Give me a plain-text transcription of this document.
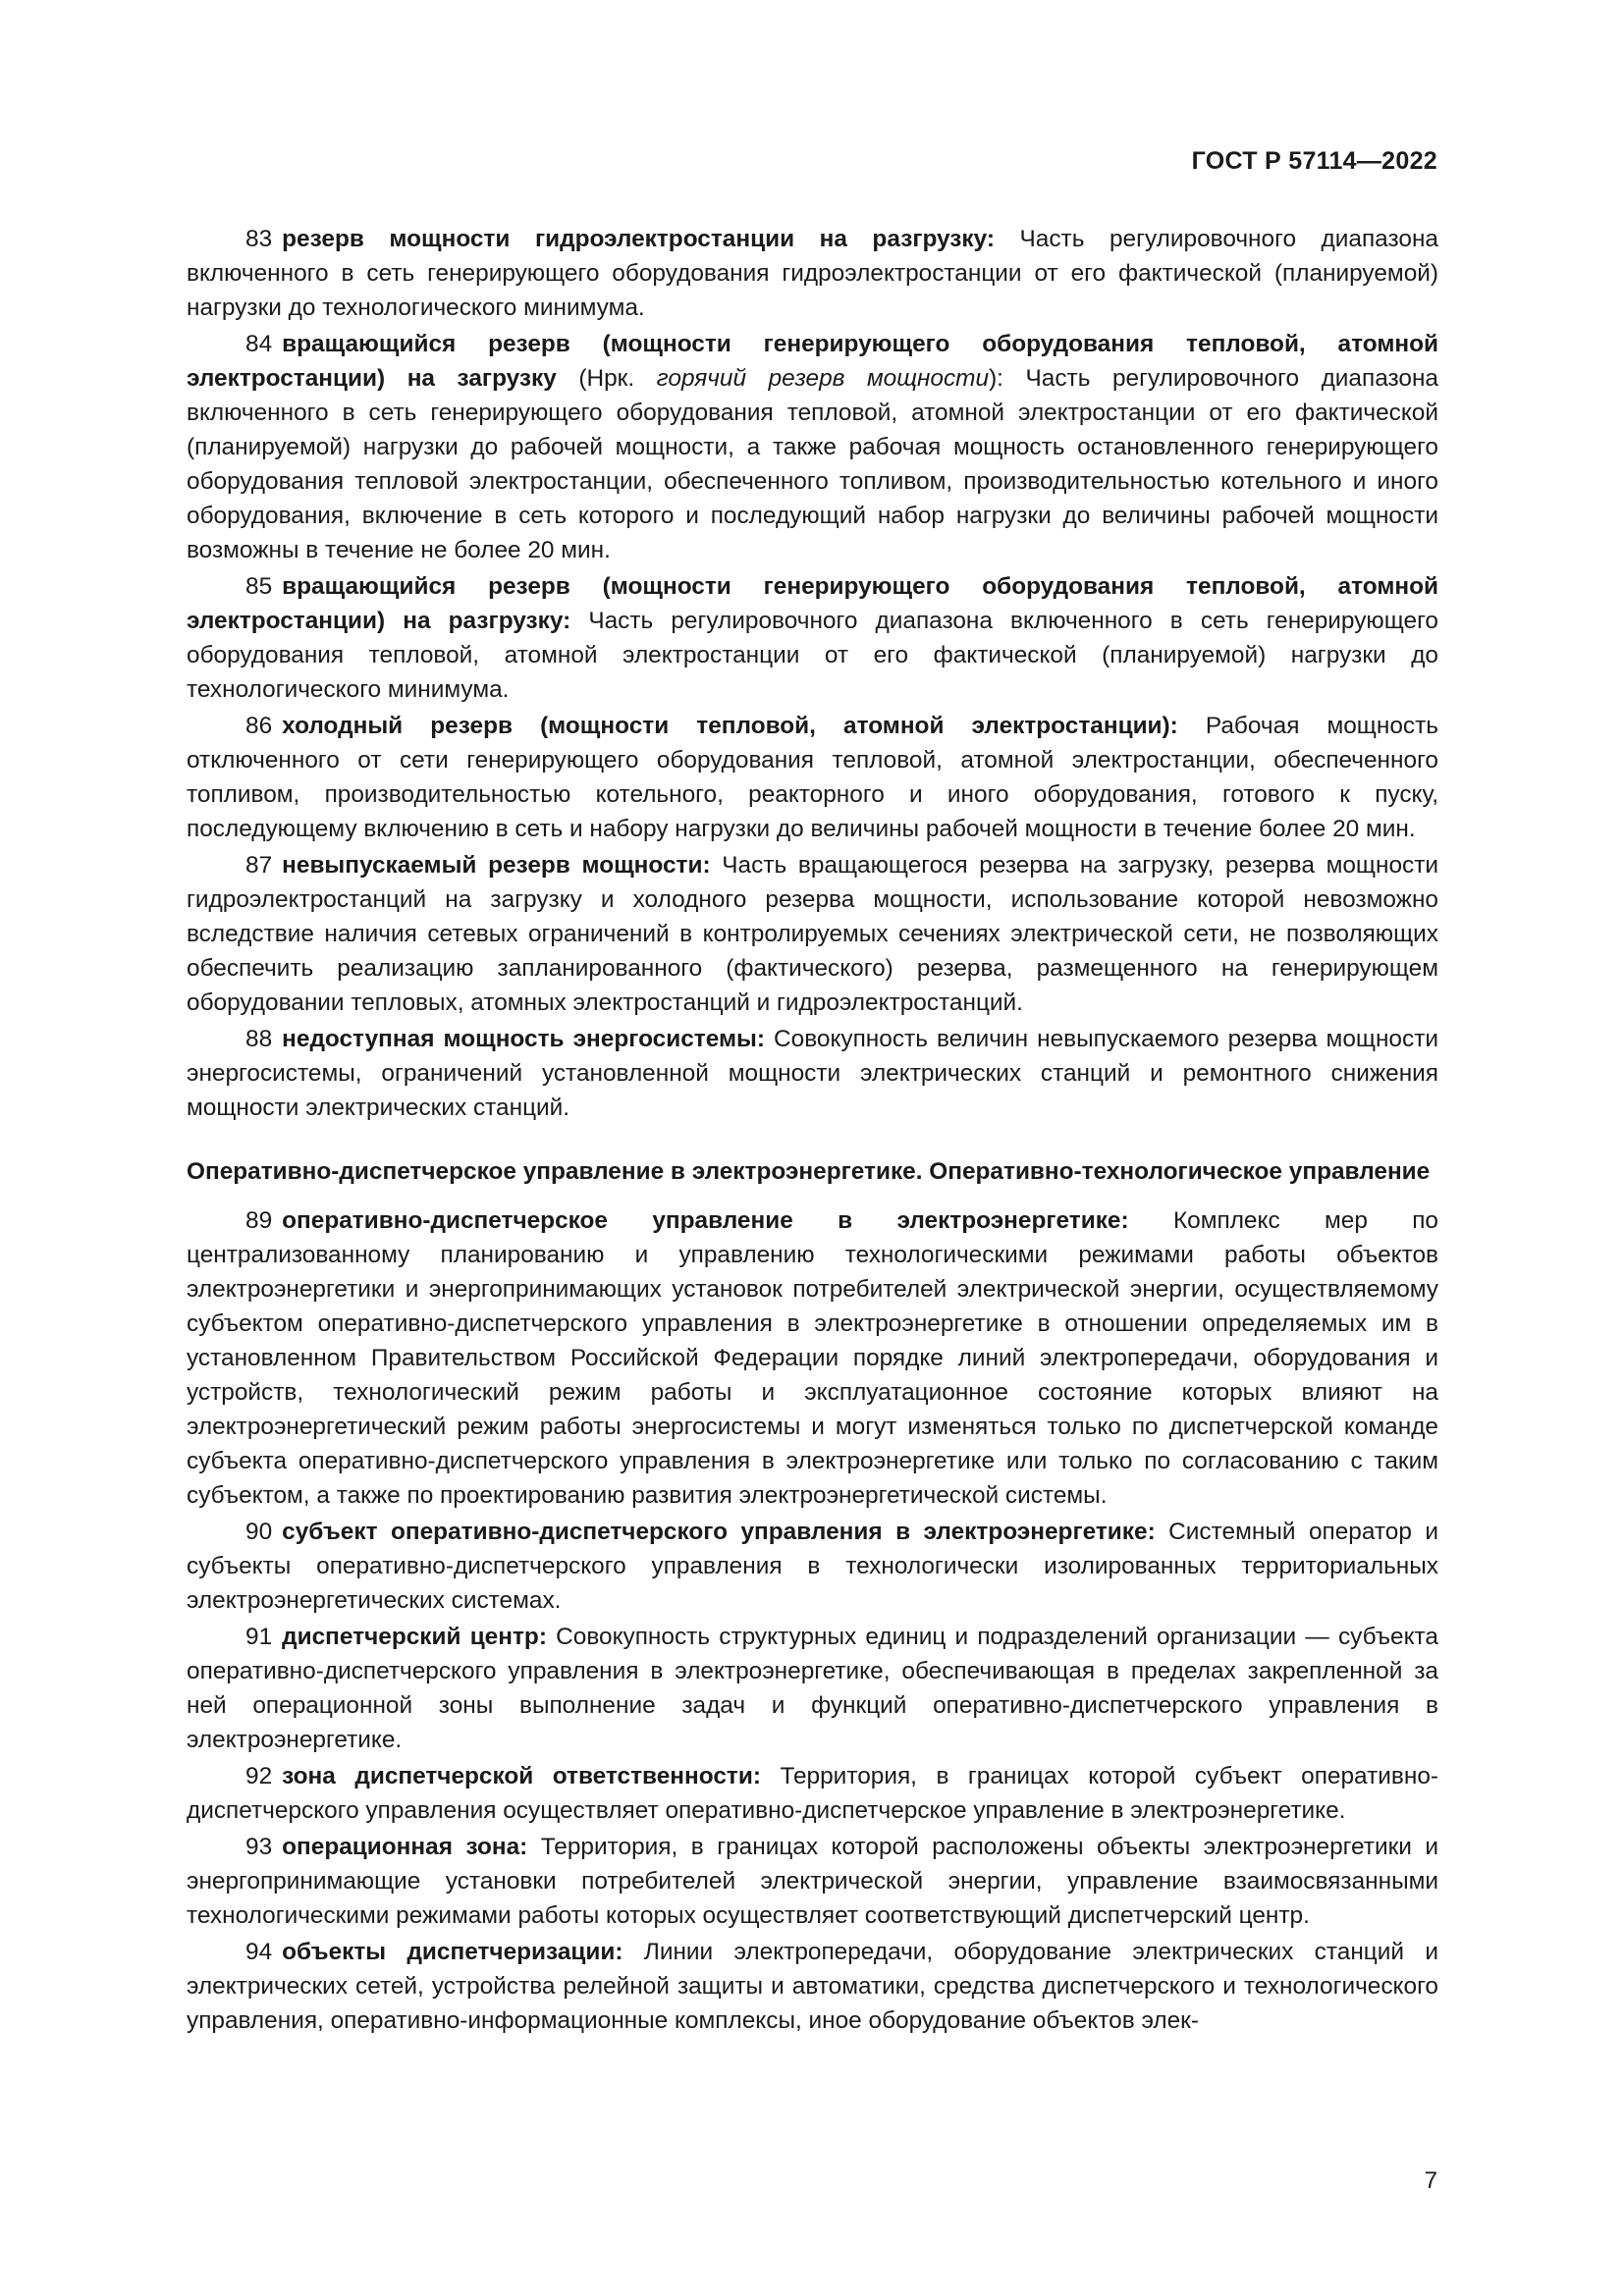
ГОСТ Р 57114—2022

83 резерв мощности гидроэлектростанции на разгрузку: Часть регулировочного диапазона включенного в сеть генерирующего оборудования гидроэлектростанции от его фактической (планируемой) нагрузки до технологического минимума.

84 вращающийся резерв (мощности генерирующего оборудования тепловой, атомной электростанции) на загрузку (Нрк. горячий резерв мощности): Часть регулировочного диапазона включенного в сеть генерирующего оборудования тепловой, атомной электростанции от его фактической (планируемой) нагрузки до рабочей мощности, а также рабочая мощность остановленного генерирующего оборудования тепловой электростанции, обеспеченного топливом, производительностью котельного и иного оборудования, включение в сеть которого и последующий набор нагрузки до величины рабочей мощности возможны в течение не более 20 мин.

85 вращающийся резерв (мощности генерирующего оборудования тепловой, атомной электростанции) на разгрузку: Часть регулировочного диапазона включенного в сеть генерирующего оборудования тепловой, атомной электростанции от его фактической (планируемой) нагрузки до технологического минимума.

86 холодный резерв (мощности тепловой, атомной электростанции): Рабочая мощность отключенного от сети генерирующего оборудования тепловой, атомной электростанции, обеспеченного топливом, производительностью котельного, реакторного и иного оборудования, готового к пуску, последующему включению в сеть и набору нагрузки до величины рабочей мощности в течение более 20 мин.

87 невыпускаемый резерв мощности: Часть вращающегося резерва на загрузку, резерва мощности гидроэлектростанций на загрузку и холодного резерва мощности, использование которой невозможно вследствие наличия сетевых ограничений в контролируемых сечениях электрической сети, не позволяющих обеспечить реализацию запланированного (фактического) резерва, размещенного на генерирующем оборудовании тепловых, атомных электростанций и гидроэлектростанций.

88 недоступная мощность энергосистемы: Совокупность величин невыпускаемого резерва мощности энергосистемы, ограничений установленной мощности электрических станций и ремонтного снижения мощности электрических станций.

Оперативно-диспетчерское управление в электроэнергетике. Оперативно-технологическое управление

89 оперативно-диспетчерское управление в электроэнергетике: Комплекс мер по централизованному планированию и управлению технологическими режимами работы объектов электроэнергетики и энергопринимающих установок потребителей электрической энергии, осуществляемому субъектом оперативно-диспетчерского управления в электроэнергетике в отношении определяемых им в установленном Правительством Российской Федерации порядке линий электропередачи, оборудования и устройств, технологический режим работы и эксплуатационное состояние которых влияют на электроэнергетический режим работы энергосистемы и могут изменяться только по диспетчерской команде субъекта оперативно-диспетчерского управления в электроэнергетике или только по согласованию с таким субъектом, а также по проектированию развития электроэнергетической системы.

90 субъект оперативно-диспетчерского управления в электроэнергетике: Системный оператор и субъекты оперативно-диспетчерского управления в технологически изолированных территориальных электроэнергетических системах.

91 диспетчерский центр: Совокупность структурных единиц и подразделений организации — субъекта оперативно-диспетчерского управления в электроэнергетике, обеспечивающая в пределах закрепленной за ней операционной зоны выполнение задач и функций оперативно-диспетчерского управления в электроэнергетике.

92 зона диспетчерской ответственности: Территория, в границах которой субъект оперативно-диспетчерского управления осуществляет оперативно-диспетчерское управление в электроэнергетике.

93 операционная зона: Территория, в границах которой расположены объекты электроэнергетики и энергопринимающие установки потребителей электрической энергии, управление взаимосвязанными технологическими режимами работы которых осуществляет соответствующий диспетчерский центр.

94 объекты диспетчеризации: Линии электропередачи, оборудование электрических станций и электрических сетей, устройства релейной защиты и автоматики, средства диспетчерского и технологического управления, оперативно-информационные комплексы, иное оборудование объектов элек-

7
